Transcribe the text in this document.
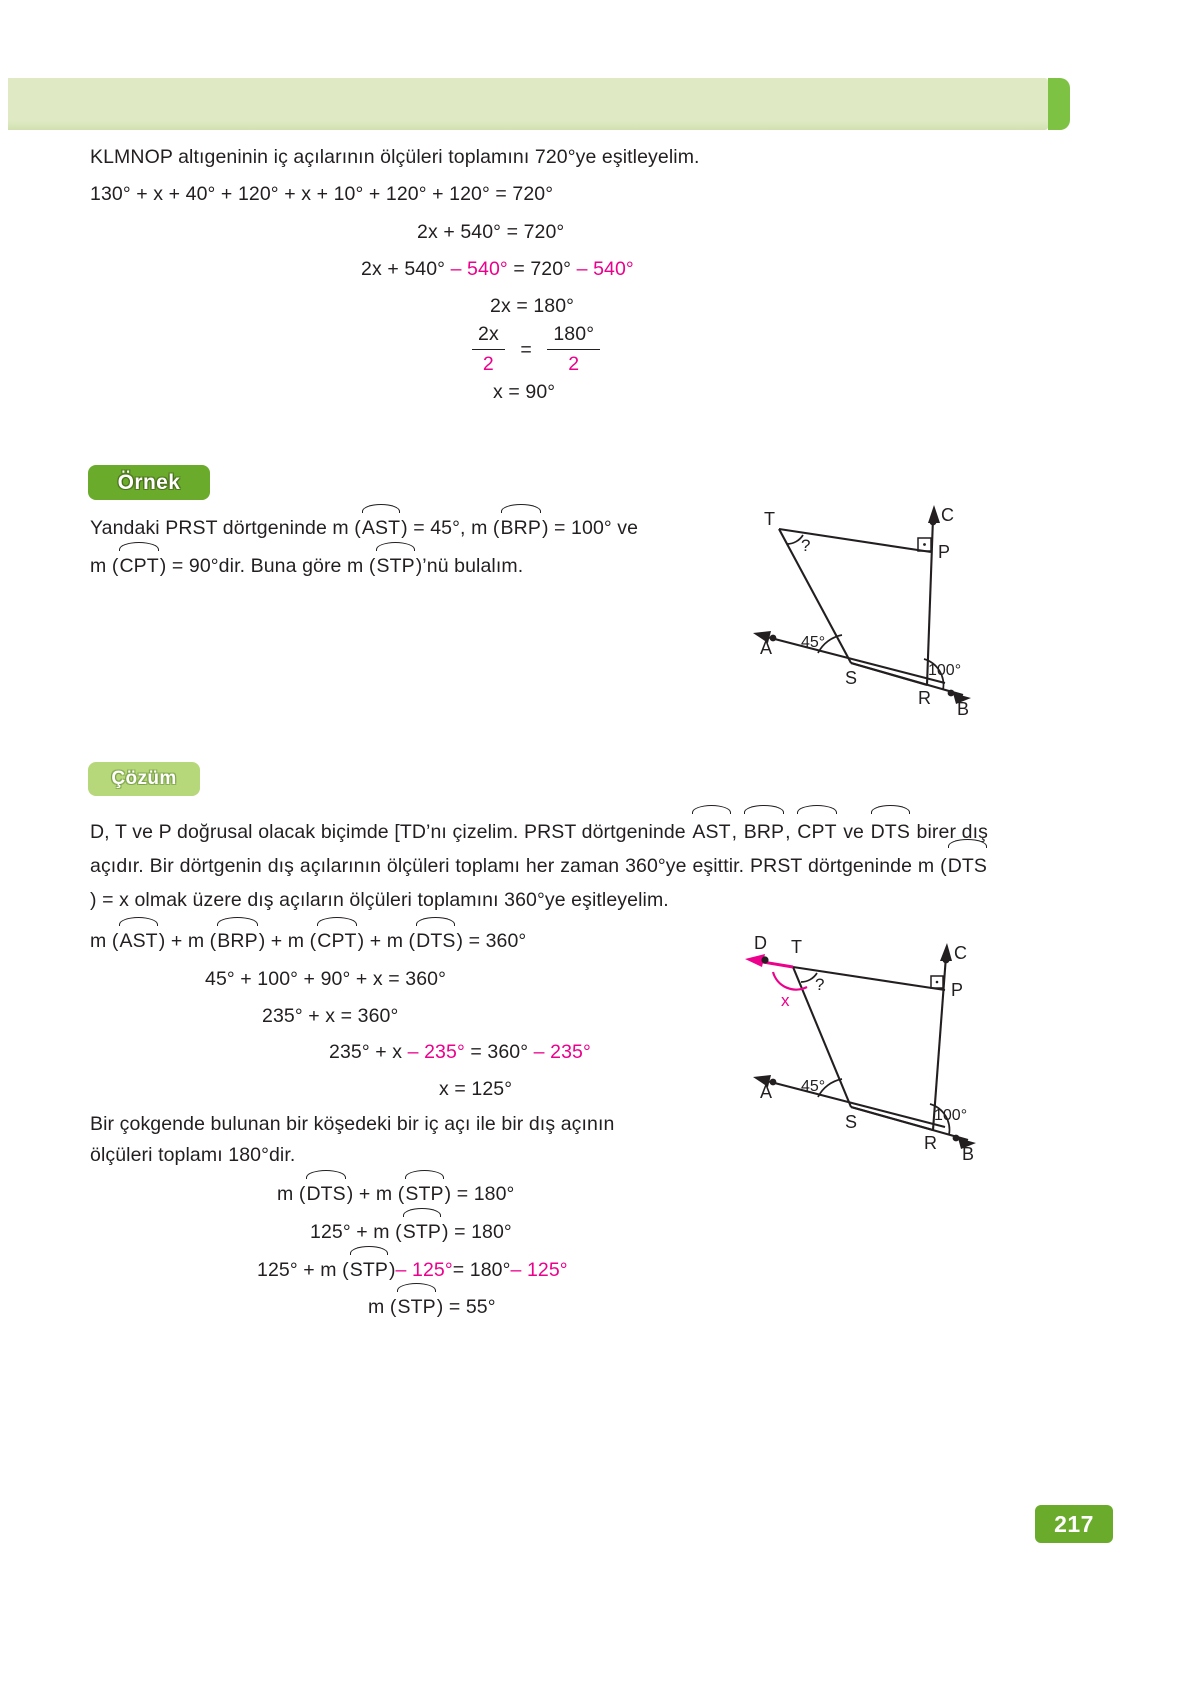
KLMNOP altıgeninin iç açılarının ölçüleri toplamını 720°ye eşitleyelim.
130° + x + 40° + 120° + x + 10° + 120° + 120° = 720°
2x + 540° = 720°
2x + 540° – 540° = 720° – 540°
2x = 180°
$\frac{2x}{2} = \frac{180^\circ}{2}$
x = 90°
Örnek
Yandaki PRST dörtgeninde m (AST) = 45°, m (BRP) = 100° ve
m (CPT) = 90°dir. Buna göre m (STP)’nü bulalım.
T	C
P
A
S
R
B
?
45°
100°
Çözüm
D, T ve P doğrusal olacak biçimde [TD’nı çizelim. PRST dörtgeninde AST, BRP, CPT ve DTS birer dış açıdır. Bir dörtgenin dış açılarının ölçüleri toplamı her zaman 360°ye eşittir. PRST dörtgeninde m (DTS) = x olmak üzere dış açıların ölçüleri toplamını 360°ye eşitleyelim.
m (AST) + m (BRP) + m (CPT) + m (DTS) = 360°
45° + 100° + 90° + x = 360°
235° + x = 360°
235° + x – 235° = 360° – 235°
x = 125°
Bir çokgende bulunan bir köşedeki bir iç açı ile bir dış açının
ölçüleri toplamı 180°dir.
m (DTS) + m (STP) = 180°
125° + m (STP) = 180°
125° + m (STP)– 125°= 180°– 125°
m (STP) = 55°
D T	C
P
A
S
R
B
?
x
45°
100°
217
